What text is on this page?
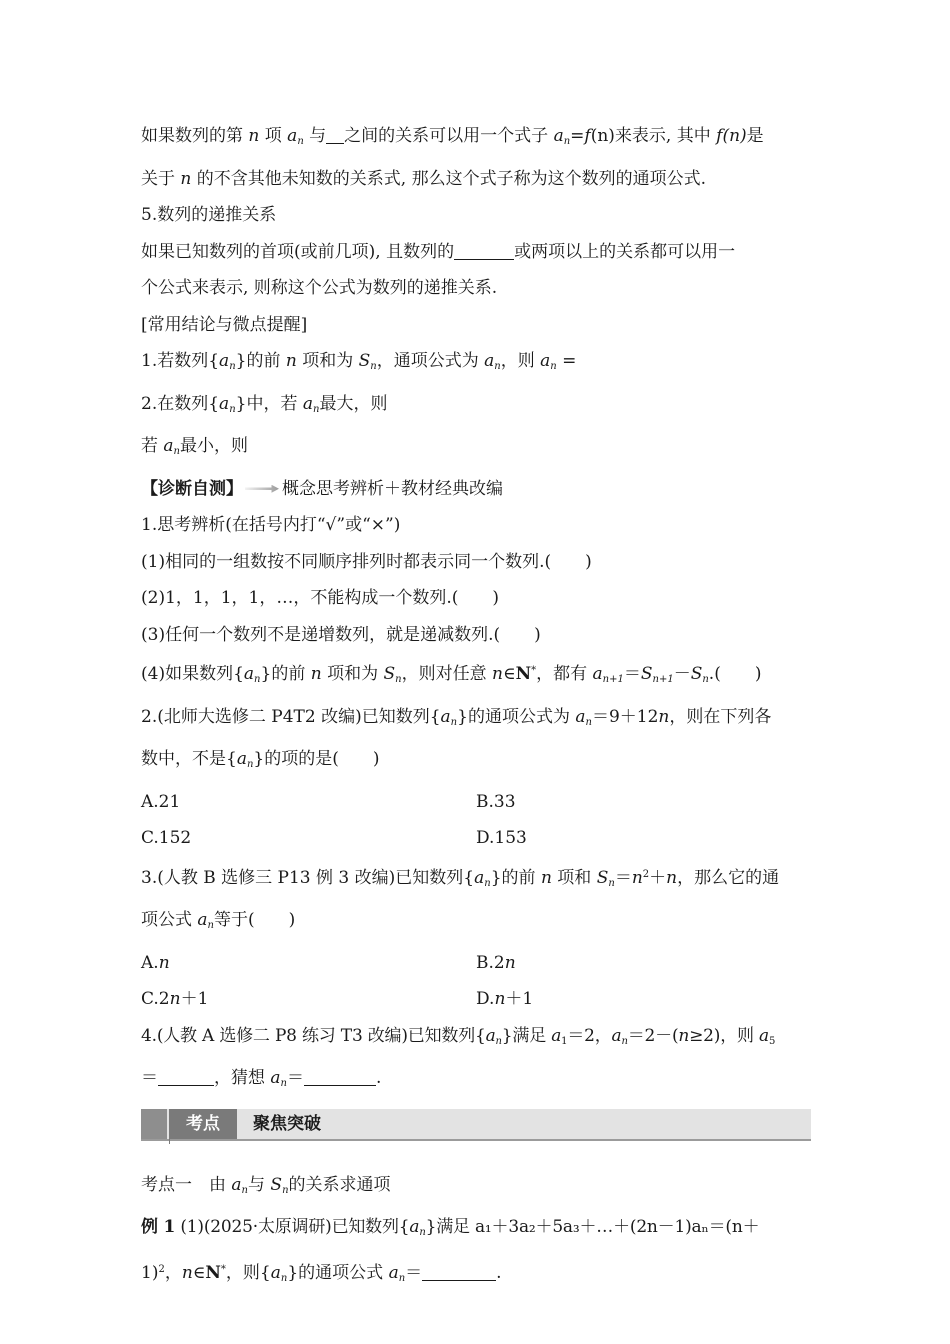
如果数列的第 n 项 $a_n$ 与 之间的关系可以用一个式子 $a_n=f(n)$来表示, 其中 f(n)是
关于 n 的不含其他未知数的关系式, 那么这个式子称为这个数列的通项公式.
5.数列的递推关系
如果已知数列的首项(或前几项), 且数列的	或两项以上的关系都可以用一
个公式来表示, 则称这个公式为数列的递推关系.
[常用结论与微点提醒]
1.若数列$\{a_n\}$的前 n 项和为 $S_n$，通项公式为 $a_n$，则 $a_n$ =
2.在数列$\{a_n\}$中，若 $a_n$最大，则
若 $a_n$最小，则
【诊断自测】 概念思考辨析＋教材经典改编
1.思考辨析(在括号内打“√”或“×”)
(1)相同的一组数按不同顺序排列时都表示同一个数列.(　　)
(2)1，1，1，1，…，不能构成一个数列.(　　)
(3)任何一个数列不是递增数列，就是递减数列.(　　)
(4)如果数列$\{a_n\}$的前 n 项和为 $S_n$，则对任意 n∈N*，都有 $a_{n+1}=S_{n+1}-S_n$.(　　)
2.(北师大选修二 P4T2 改编)已知数列$\{a_n\}$的通项公式为 $a_n=9+12n$，则在下列各
数中，不是$\{a_n\}$的项的是(　　)
A.21	B.33
C.152	D.153
3.(人教 B 选修三 P13 例 3 改编)已知数列$\{a_n\}$的前 n 项和 $S_n=n^2+n$，那么它的通
项公式 $a_n$等于(　　)
A.n	B.2n
C.2n＋1	D.n＋1
4.(人教 A 选修二 P8 练习 T3 改编)已知数列$\{a_n\}$满足 $a_1=2$，$a_n=2-(n\ge 2)$，则 $a_5$
＝	，猜想 $a_n=$	.
考点	聚焦突破
考点一　由 $a_n$与 $S_n$的关系求通项
例 1 (1)(2025·太原调研)已知数列$\{a_n\}$满足 a₁＋3a₂＋5a₃＋…＋(2n－1)aₙ＝(n＋
1)$^2$，n∈N*，则$\{a_n\}$的通项公式 $a_n=$	.
